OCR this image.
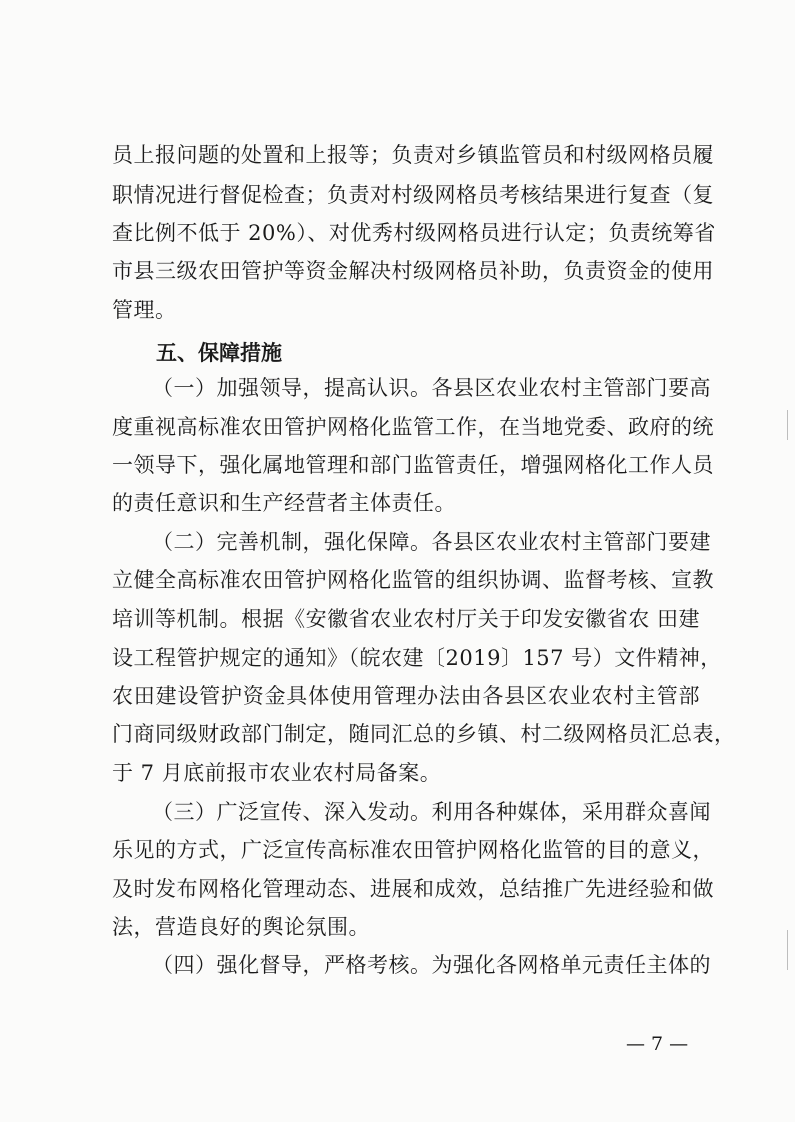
员上报问题的处置和上报等；负责对乡镇监管员和村级网格员履
职情况进行督促检查；负责对村级网格员考核结果进行复查（复
查比例不低于 20%）、对优秀村级网格员进行认定；负责统筹省
市县三级农田管护等资金解决村级网格员补助，负责资金的使用
管理。
五、保障措施
（一）加强领导，提高认识。各县区农业农村主管部门要高
度重视高标准农田管护网格化监管工作，在当地党委、政府的统
一领导下，强化属地管理和部门监管责任，增强网格化工作人员
的责任意识和生产经营者主体责任。
（二）完善机制，强化保障。各县区农业农村主管部门要建
立健全高标准农田管护网格化监管的组织协调、监督考核、宣教
培训等机制。根据《安徽省农业农村厅关于印发安徽省农 田建
设工程管护规定的通知》（皖农建〔2019〕157 号）文件精神，
农田建设管护资金具体使用管理办法由各县区农业农村主管部
门商同级财政部门制定，随同汇总的乡镇、村二级网格员汇总表，
于 7 月底前报市农业农村局备案。
（三）广泛宣传、深入发动。利用各种媒体，采用群众喜闻
乐见的方式，广泛宣传高标准农田管护网格化监管的目的意义，
及时发布网格化管理动态、进展和成效，总结推广先进经验和做
法，营造良好的舆论氛围。
（四）强化督导，严格考核。为强化各网格单元责任主体的
— 7 —
